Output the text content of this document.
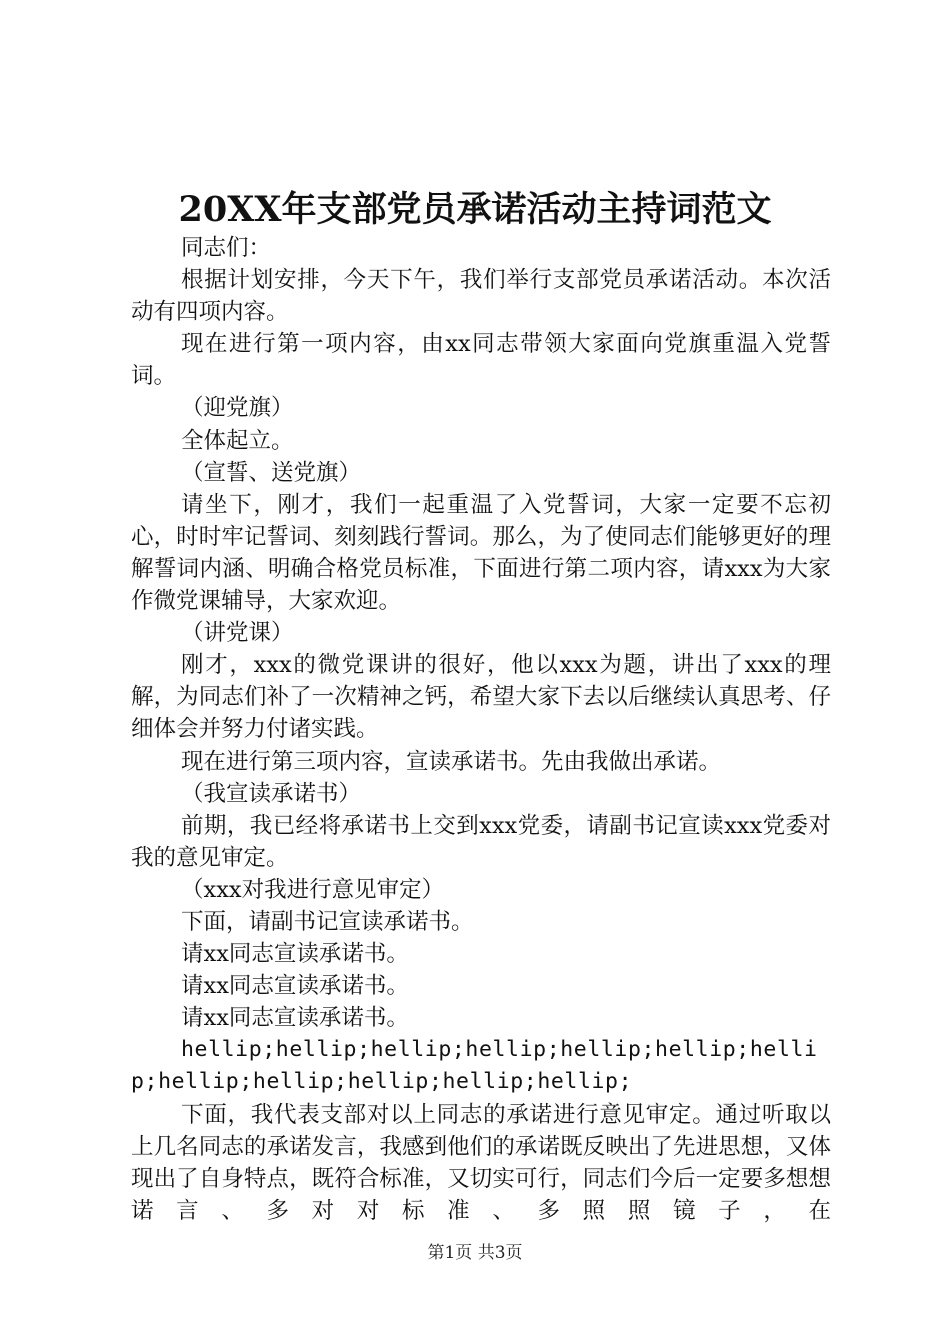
20XX年支部党员承诺活动主持词范文

同志们：

根据计划安排，今天下午，我们举行支部党员承诺活动。本次活动有四项内容。

现在进行第一项内容，由xx同志带领大家面向党旗重温入党誓词。

（迎党旗）

全体起立。

（宣誓、送党旗）

请坐下，刚才，我们一起重温了入党誓词，大家一定要不忘初心，时时牢记誓词、刻刻践行誓词。那么，为了使同志们能够更好的理解誓词内涵、明确合格党员标准，下面进行第二项内容，请xxx为大家作微党课辅导，大家欢迎。

（讲党课）

刚才，xxx的微党课讲的很好，他以xxx为题，讲出了xxx的理解，为同志们补了一次精神之钙，希望大家下去以后继续认真思考、仔细体会并努力付诸实践。

现在进行第三项内容，宣读承诺书。先由我做出承诺。

（我宣读承诺书）

前期，我已经将承诺书上交到xxx党委，请副书记宣读xxx党委对我的意见审定。

（xxx对我进行意见审定）

下面，请副书记宣读承诺书。

请xx同志宣读承诺书。

请xx同志宣读承诺书。

请xx同志宣读承诺书。

hellip;hellip;hellip;hellip;hellip;hellip;hellip;hellip;hellip;hellip;hellip;hellip;

下面，我代表支部对以上同志的承诺进行意见审定。通过听取以上几名同志的承诺发言，我感到他们的承诺既反映出了先进思想，又体现出了自身特点，既符合标准，又切实可行，同志们今后一定要多想想诺言、多对对标准、多照照镜子，在

第1页 共3页
